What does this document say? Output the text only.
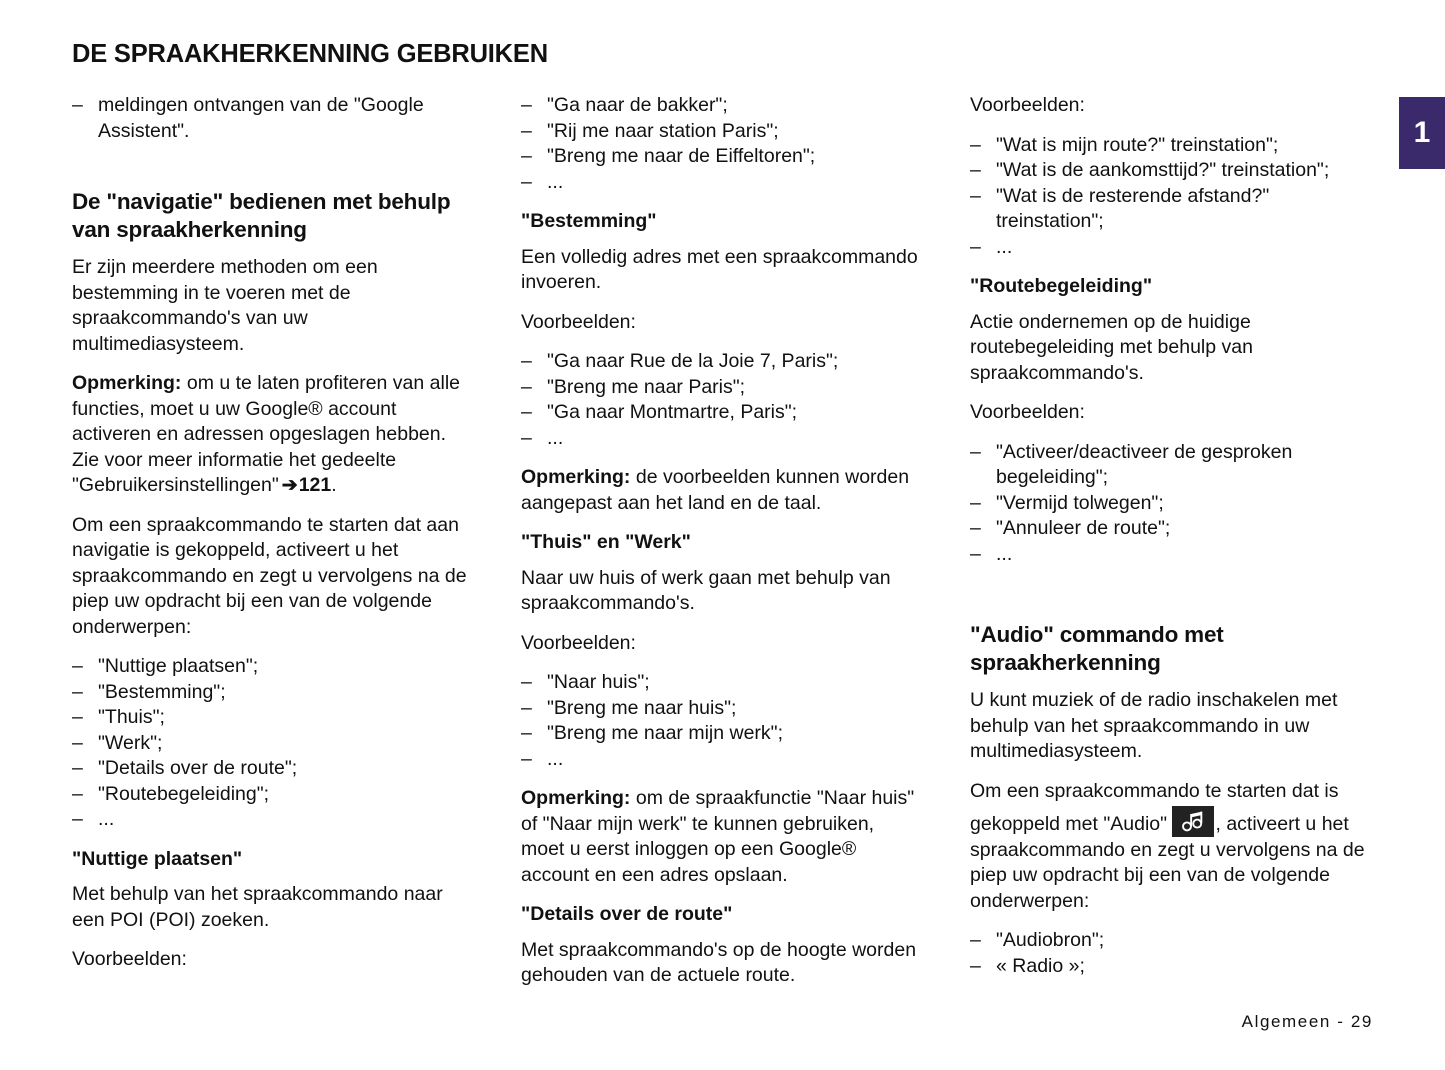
1
DE SPRAAKHERKENNING GEBRUIKEN
– meldingen ontvangen van de "Google Assistent".
De "navigatie" bedienen met behulp van spraakherkenning

Er zijn meerdere methoden om een bestemming in te voeren met de spraakcommando's van uw multimediasysteem.

Opmerking: om u te laten profiteren van alle functies, moet u uw Google® account activeren en adressen opgeslagen hebben. Zie voor meer informatie het gedeelte "Gebruikersinstellingen" ➔121.

Om een spraakcommando te starten dat aan navigatie is gekoppeld, activeert u het spraakcommando en zegt u vervolgens na de piep uw opdracht bij een van de volgende onderwerpen:

– "Nuttige plaatsen";
– "Bestemming";
– "Thuis";
– "Werk";
– "Details over de route";
– "Routebegeleiding";
– ...
"Nuttige plaatsen"

Met behulp van het spraakcommando naar een POI (POI) zoeken.

Voorbeelden:

– "Ga naar de bakker";
– "Rij me naar station Paris";
– "Breng me naar de Eiffeltoren";
– ...
"Bestemming"

Een volledig adres met een spraakcommando invoeren.

Voorbeelden:

– "Ga naar Rue de la Joie 7, Paris";
– "Breng me naar Paris";
– "Ga naar Montmartre, Paris";
– ...

Opmerking: de voorbeelden kunnen worden aangepast aan het land en de taal.

"Thuis" en "Werk"

Naar uw huis of werk gaan met behulp van spraakcommando's.

Voorbeelden:

– "Naar huis";
– "Breng me naar huis";
– "Breng me naar mijn werk";
– ...

Opmerking: om de spraakfunctie "Naar huis" of "Naar mijn werk" te kunnen gebruiken, moet u eerst inloggen op een Google® account en een adres opslaan.

"Details over de route"

Met spraakcommando's op de hoogte worden gehouden van de actuele route.

Voorbeelden:

– "Wat is mijn route?" treinstation";
– "Wat is de aankomsttijd?" treinstation";
– "Wat is de resterende afstand?" treinstation";
– ...
"Routebegeleiding"

Actie ondernemen op de huidige routebegeleiding met behulp van spraakcommando's.

Voorbeelden:

– "Activeer/deactiveer de gesproken begeleiding";
– "Vermijd tolwegen";
– "Annuleer de route";
– ...
"Audio" commando met spraakherkenning

U kunt muziek of de radio inschakelen met behulp van het spraakcommando in uw multimediasysteem.

Om een spraakcommando te starten dat is gekoppeld met "Audio" , activeert u het spraakcommando en zegt u vervolgens na de piep uw opdracht bij een van de volgende onderwerpen:

– "Audiobron";
– « Radio »;
Algemeen - 29
